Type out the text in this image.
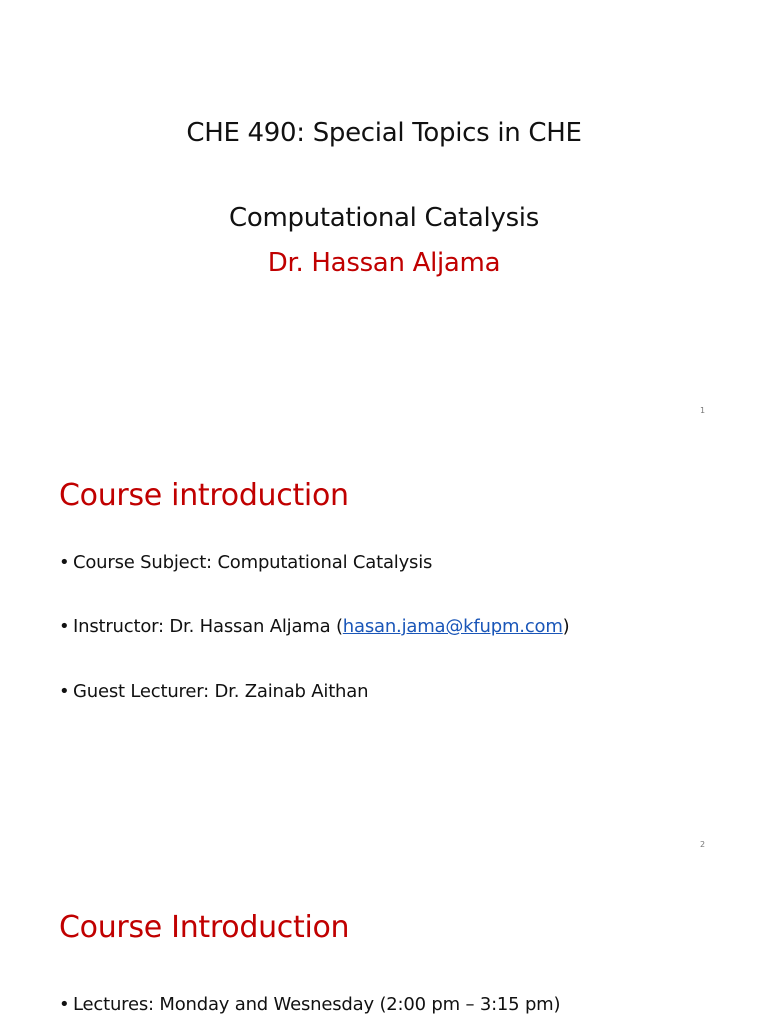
CHE 490: Special Topics in CHE
Computational Catalysis
Dr. Hassan Aljama
1
Course introduction
• Course Subject: Computational Catalysis
• Instructor: Dr. Hassan Aljama (hasan.jama@kfupm.com)
• Guest Lecturer: Dr. Zainab Aithan
2
Course Introduction
• Lectures: Monday and Wesnesday (2:00 pm – 3:15 pm)
